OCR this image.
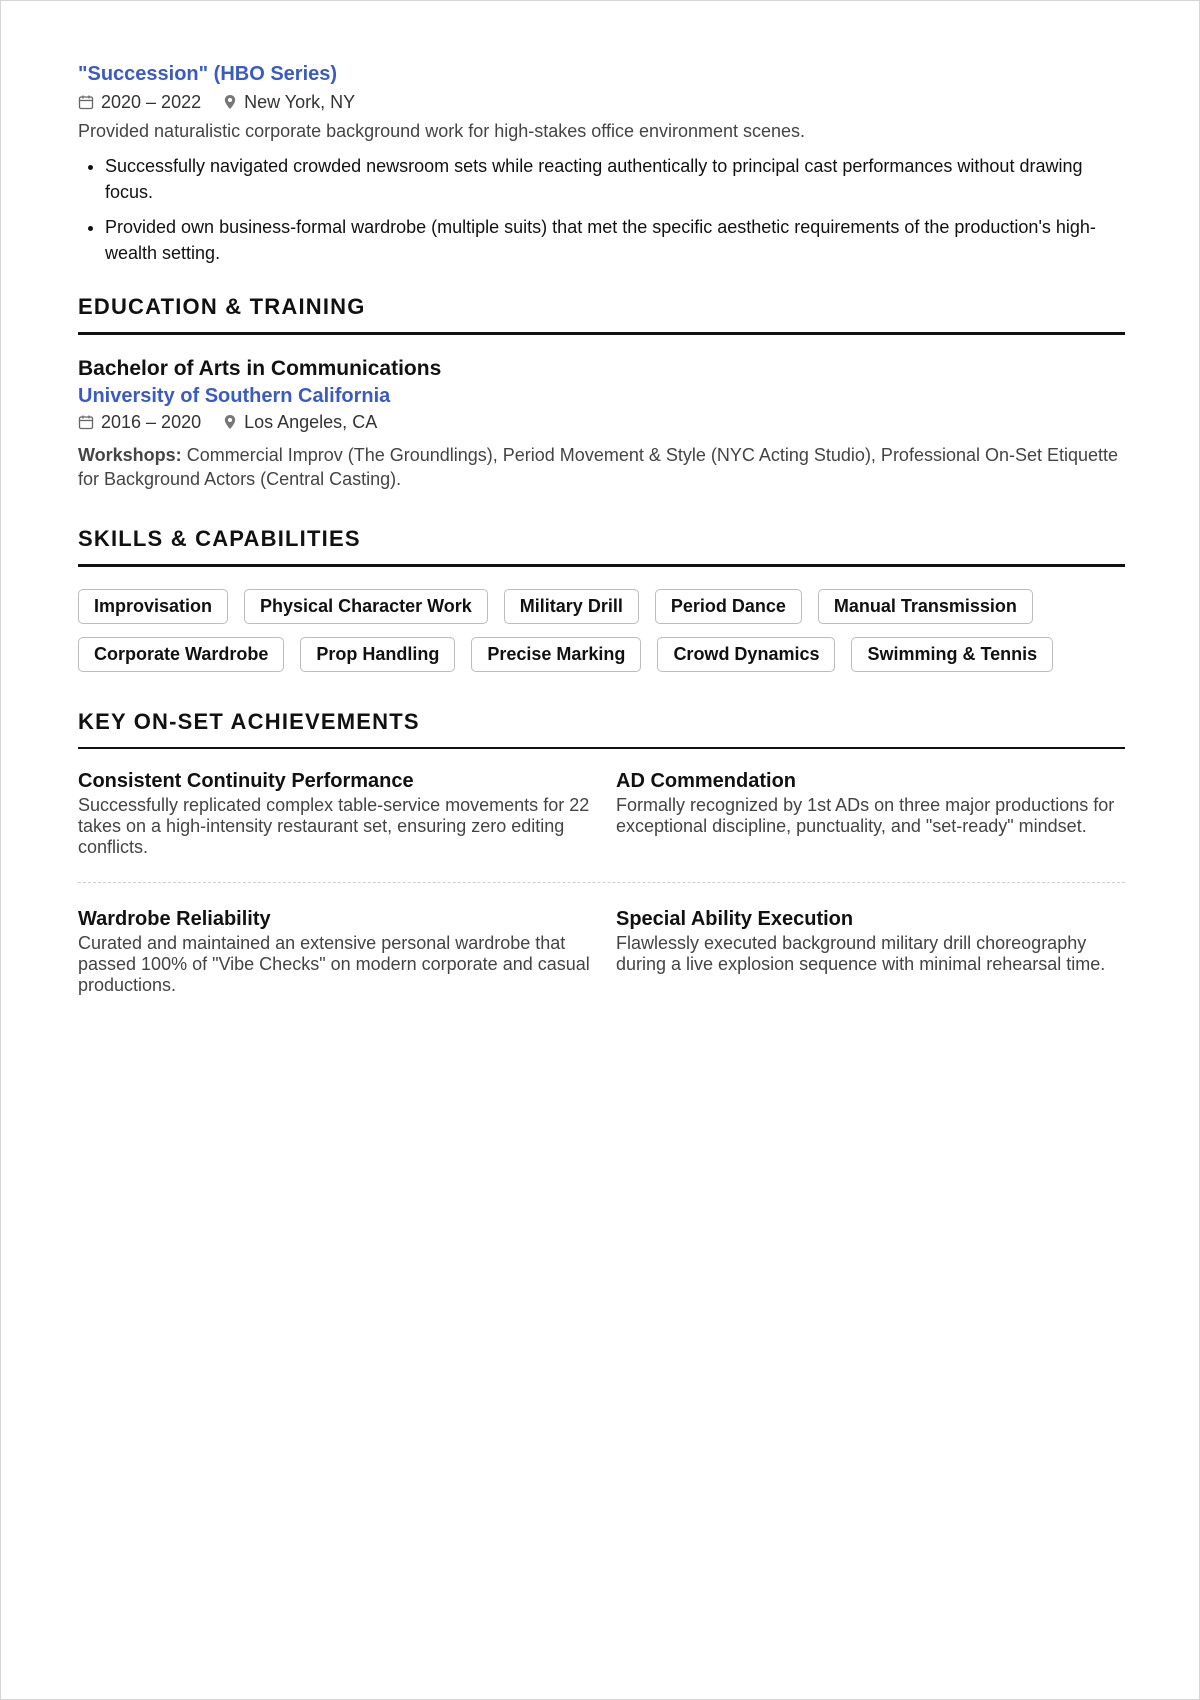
"Succession" (HBO Series)
2020 – 2022 New York, NY

Provided naturalistic corporate background work for high-stakes office environment scenes.

• Successfully navigated crowded newsroom sets while reacting authentically to principal cast performances without drawing focus.
• Provided own business-formal wardrobe (multiple suits) that met the specific aesthetic requirements of the production's high-wealth setting.
EDUCATION & TRAINING
Bachelor of Arts in Communications
University of Southern California
2016 – 2020 Los Angeles, CA

Workshops: Commercial Improv (The Groundlings), Period Movement & Style (NYC Acting Studio), Professional On-Set Etiquette for Background Actors (Central Casting).

SKILLS & CAPABILITIES
Improvisation	Physical Character Work	Military Drill	Period Dance	Manual Transmission
Corporate Wardrobe	Prop Handling	Precise Marking	Crowd Dynamics	Swimming & Tennis
KEY ON-SET ACHIEVEMENTS
Consistent Continuity Performance

Successfully replicated complex table-service movements for 22 takes on a high-intensity restaurant set, ensuring zero editing conflicts.

AD Commendation

Formally recognized by 1st ADs on three major productions for exceptional discipline, punctuality, and "set-ready" mindset.

Wardrobe Reliability

Curated and maintained an extensive personal wardrobe that passed 100% of "Vibe Checks" on modern corporate and casual productions.

Special Ability Execution

Flawlessly executed background military drill choreography during a live explosion sequence with minimal rehearsal time.
